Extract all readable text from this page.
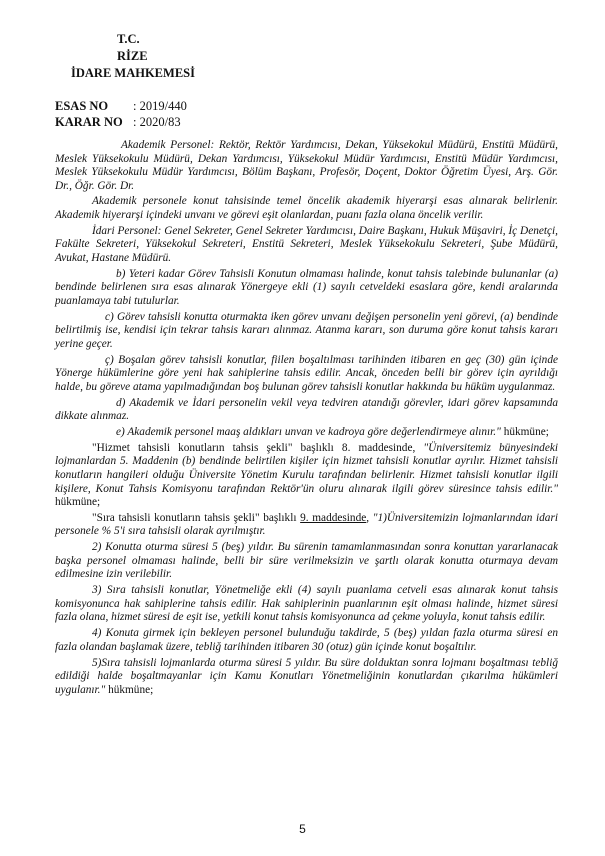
T.C.
RİZE
İDARE MAHKEMESİ
ESAS NO : 2019/440
KARAR NO : 2020/83

Akademik Personel: Rektör, Rektör Yardımcısı, Dekan, Yüksekokul Müdürü, Enstitü Müdürü, Meslek Yüksekokulu Müdürü, Dekan Yardımcısı, Yüksekokul Müdür Yardımcısı, Enstitü Müdür Yardımcısı, Meslek Yüksekokulu Müdür Yardımcısı, Bölüm Başkanı, Profesör, Doçent, Doktor Öğretim Üyesi, Arş. Gör. Dr., Öğr. Gör. Dr.

Akademik personele konut tahsisinde temel öncelik akademik hiyerarşi esas alınarak belirlenir. Akademik hiyerarşi içindeki unvanı ve görevi eşit olanlardan, puanı fazla olana öncelik verilir.

İdari Personel: Genel Sekreter, Genel Sekreter Yardımcısı, Daire Başkanı, Hukuk Müşaviri, İç Denetçi, Fakülte Sekreteri, Yüksekokul Sekreteri, Enstitü Sekreteri, Meslek Yüksekokulu Sekreteri, Şube Müdürü, Avukat, Hastane Müdürü.

b) Yeteri kadar Görev Tahsisli Konutun olmaması halinde, konut tahsis talebinde bulunanlar (a) bendinde belirlenen sıra esas alınarak Yönergeye ekli (1) sayılı cetveldeki esaslara göre, kendi aralarında puanlamaya tabi tutulurlar.

c) Görev tahsisli konutta oturmakta iken görev unvanı değişen personelin yeni görevi, (a) bendinde belirtilmiş ise, kendisi için tekrar tahsis kararı alınmaz. Atanma kararı, son duruma göre konut tahsis kararı yerine geçer.

ç) Boşalan görev tahsisli konutlar, fiilen boşaltılması tarihinden itibaren en geç (30) gün içinde Yönerge hükümlerine göre yeni hak sahiplerine tahsis edilir. Ancak, önceden belli bir görev için ayrıldığı halde, bu göreve atama yapılmadığından boş bulunan görev tahsisli konutlar hakkında bu hüküm uygulanmaz.

d) Akademik ve İdari personelin vekil veya tedviren atandığı görevler, idari görev kapsamında dikkate alınmaz.

e) Akademik personel maaş aldıkları unvan ve kadroya göre değerlendirmeye alınır." hükmüne;

"Hizmet tahsisli konutların tahsis şekli" başlıklı 8. maddesinde, "Üniversitemiz bünyesindeki lojmanlardan 5. Maddenin (b) bendinde belirtilen kişiler için hizmet tahsisli konutlar ayrılır. Hizmet tahsisli konutların hangileri olduğu Üniversite Yönetim Kurulu tarafından belirlenir. Hizmet tahsisli konutlar ilgili kişilere, Konut Tahsis Komisyonu tarafından Rektör'ün oluru alınarak ilgili görev süresince tahsis edilir." hükmüne;

"Sıra tahsisli konutların tahsis şekli" başlıklı 9. maddesinde, "1)Üniversitemizin lojmanlarından idari personele % 5'i sıra tahsisli olarak ayrılmıştır.

2) Konutta oturma süresi 5 (beş) yıldır. Bu sürenin tamamlanmasından sonra konuttan yararlanacak başka personel olmaması halinde, belli bir süre verilmeksizin ve şartlı olarak konutta oturmaya devam edilmesine izin verilebilir.

3) Sıra tahsisli konutlar, Yönetmeliğe ekli (4) sayılı puanlama cetveli esas alınarak konut tahsis komisyonunca hak sahiplerine tahsis edilir. Hak sahiplerinin puanlarının eşit olması halinde, hizmet süresi fazla olana, hizmet süresi de eşit ise, yetkili konut tahsis komisyonunca ad çekme yoluyla, konut tahsis edilir.

4) Konuta girmek için bekleyen personel bulunduğu takdirde, 5 (beş) yıldan fazla oturma süresi en fazla olandan başlamak üzere, tebliğ tarihinden itibaren 30 (otuz) gün içinde konut boşaltılır.

5)Sıra tahsisli lojmanlarda oturma süresi 5 yıldır. Bu süre dolduktan sonra lojmanı boşaltması tebliğ edildiği halde boşaltmayanlar için Kamu Konutları Yönetmeliğinin konutlardan çıkarılma hükümleri uygulanır." hükmüne;

5
